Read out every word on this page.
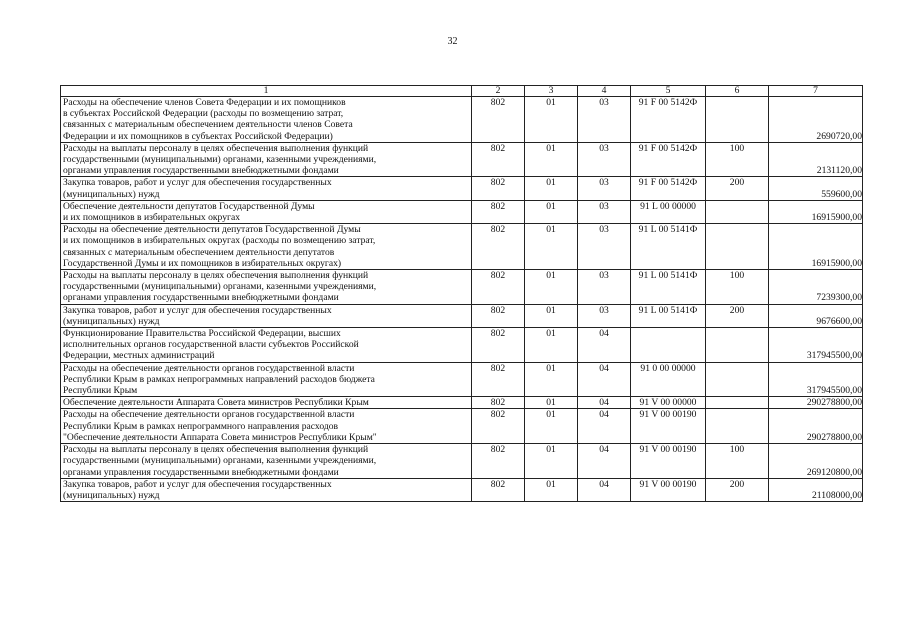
32
1	2	3	4	5	6	7

Расходы на обеспечение членов Совета Федерации и их помощников
в субъектах Российской Федерации (расходы по возмещению затрат,
связанных с материальным обеспечением деятельности членов Совета
Федерации и их помощников в субъектах Российской Федерации)	802	01	03	91 F 00 5142Ф		2690720,00

Расходы на выплаты персоналу в целях обеспечения выполнения функций
государственными (муниципальными) органами, казенными учреждениями,
органами управления государственными внебюджетными фондами	802	01	03	91 F 00 5142Ф	100	2131120,00

Закупка товаров, работ и услуг для обеспечения государственных
(муниципальных) нужд	802	01	03	91 F 00 5142Ф	200	559600,00

Обеспечение деятельности депутатов Государственной Думы
и их помощников в избирательных округах	802	01	03	91 L 00 00000		16915900,00

Расходы на обеспечение деятельности депутатов Государственной Думы
и их помощников в избирательных округах (расходы по возмещению затрат,
связанных с материальным обеспечением деятельности депутатов
Государственной Думы и их помощников в избирательных округах)	802	01	03	91 L 00 5141Ф		16915900,00

Расходы на выплаты персоналу в целях обеспечения выполнения функций
государственными (муниципальными) органами, казенными учреждениями,
органами управления государственными внебюджетными фондами	802	01	03	91 L 00 5141Ф	100	7239300,00

Закупка товаров, работ и услуг для обеспечения государственных
(муниципальных) нужд	802	01	03	91 L 00 5141Ф	200	9676600,00

Функционирование Правительства Российской Федерации, высших
исполнительных органов государственной власти субъектов Российской
Федерации, местных администраций	802	01	04			317945500,00

Расходы на обеспечение деятельности органов государственной власти
Республики Крым в рамках непрограммных направлений расходов бюджета
Республики Крым	802	01	04	91 0 00 00000		317945500,00

Обеспечение деятельности Аппарата Совета министров Республики Крым	802	01	04	91 V 00 00000		290278800,00

Расходы на обеспечение деятельности органов государственной власти
Республики Крым в рамках непрограммного направления расходов
"Обеспечение деятельности Аппарата Совета министров Республики Крым"	802	01	04	91 V 00 00190		290278800,00

Расходы на выплаты персоналу в целях обеспечения выполнения функций
государственными (муниципальными) органами, казенными учреждениями,
органами управления государственными внебюджетными фондами	802	01	04	91 V 00 00190	100	269120800,00

Закупка товаров, работ и услуг для обеспечения государственных
(муниципальных) нужд	802	01	04	91 V 00 00190	200	21108000,00
